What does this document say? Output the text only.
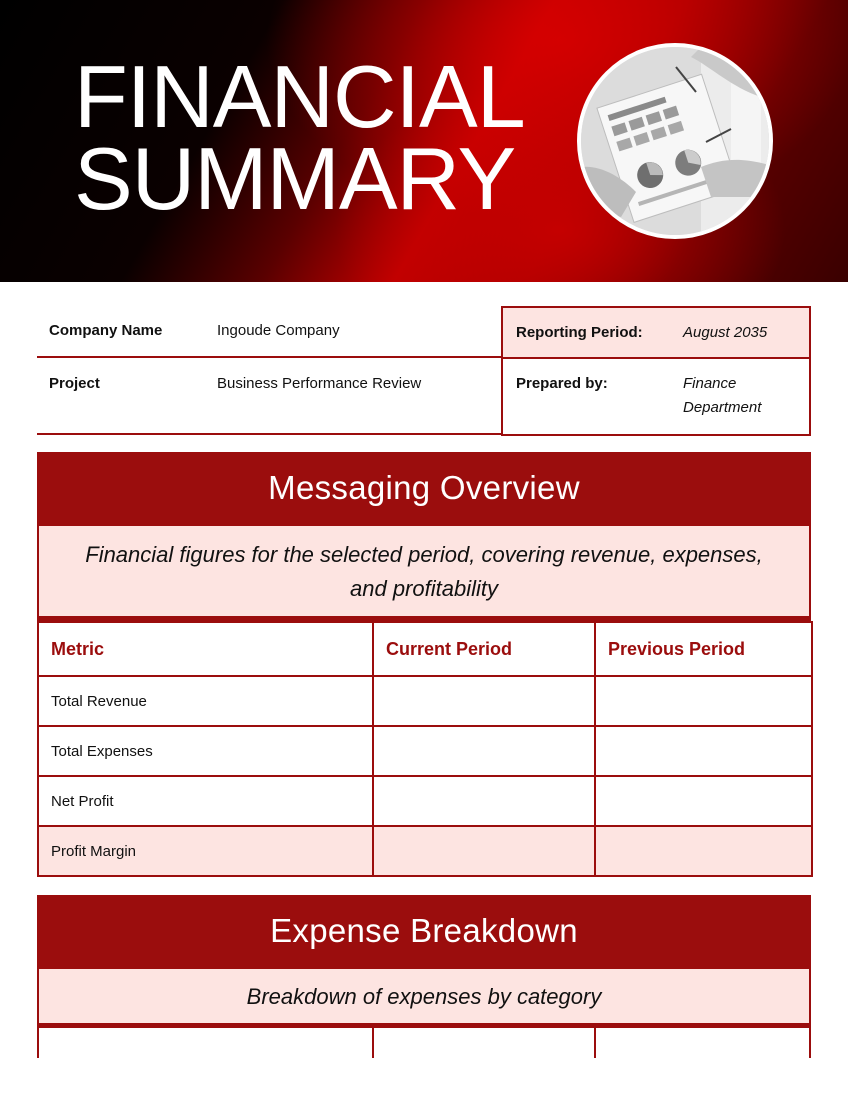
FINANCIAL
SUMMARY
Company Name	Ingoude Company
Project	Business Performance Review
Reporting Period:	August 2035
Prepared by:	Finance
Department
Messaging Overview
Financial figures for the selected period, covering revenue, expenses,
and profitability
Metric	Current Period	Previous Period
Total Revenue		
Total Expenses		
Net Profit		
Profit Margin		
Expense Breakdown
Breakdown of expenses by category
